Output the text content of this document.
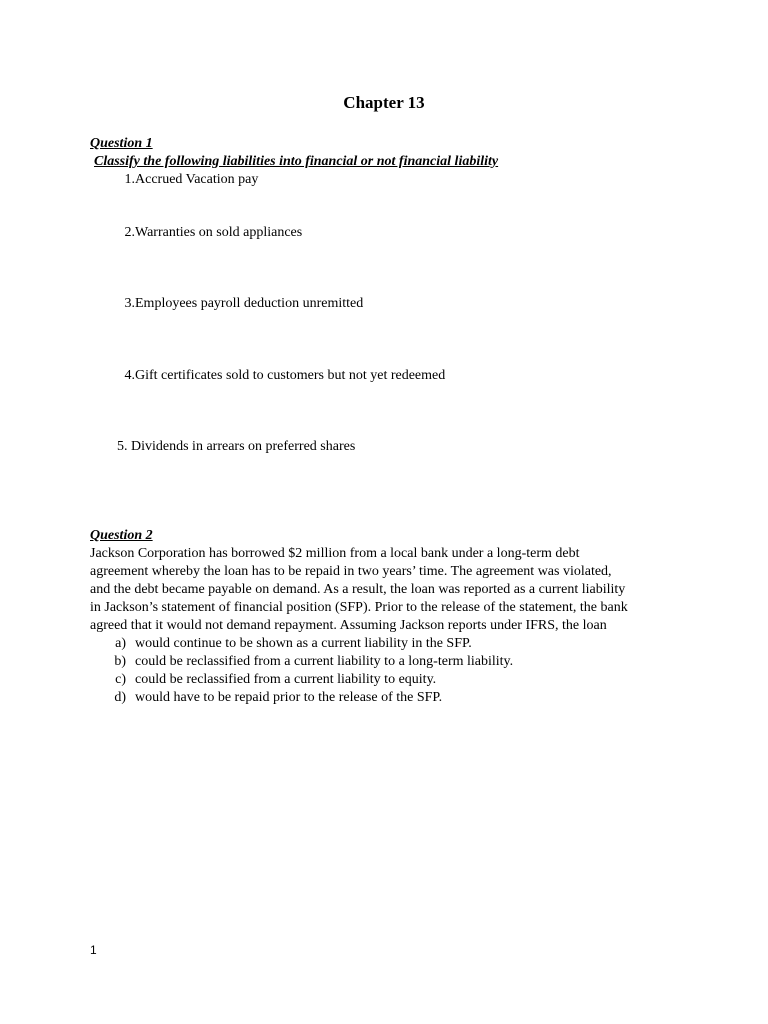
Chapter 13
Question 1
Classify the following liabilities into financial or not financial liability
1. Accrued Vacation pay
2. Warranties on sold appliances
3. Employees payroll deduction unremitted
4. Gift certificates sold to customers but not yet redeemed
5. Dividends in arrears on preferred shares
Question 2
Jackson Corporation has borrowed $2 million from a local bank under a long-term debt
agreement whereby the loan has to be repaid in two years’ time. The agreement was violated,
and the debt became payable on demand. As a result, the loan was reported as a current liability
in Jackson’s statement of financial position (SFP). Prior to the release of the statement, the bank
agreed that it would not demand repayment. Assuming Jackson reports under IFRS, the loan
a) would continue to be shown as a current liability in the SFP.
b) could be reclassified from a current liability to a long-term liability.
c) could be reclassified from a current liability to equity.
d) would have to be repaid prior to the release of the SFP.
1
